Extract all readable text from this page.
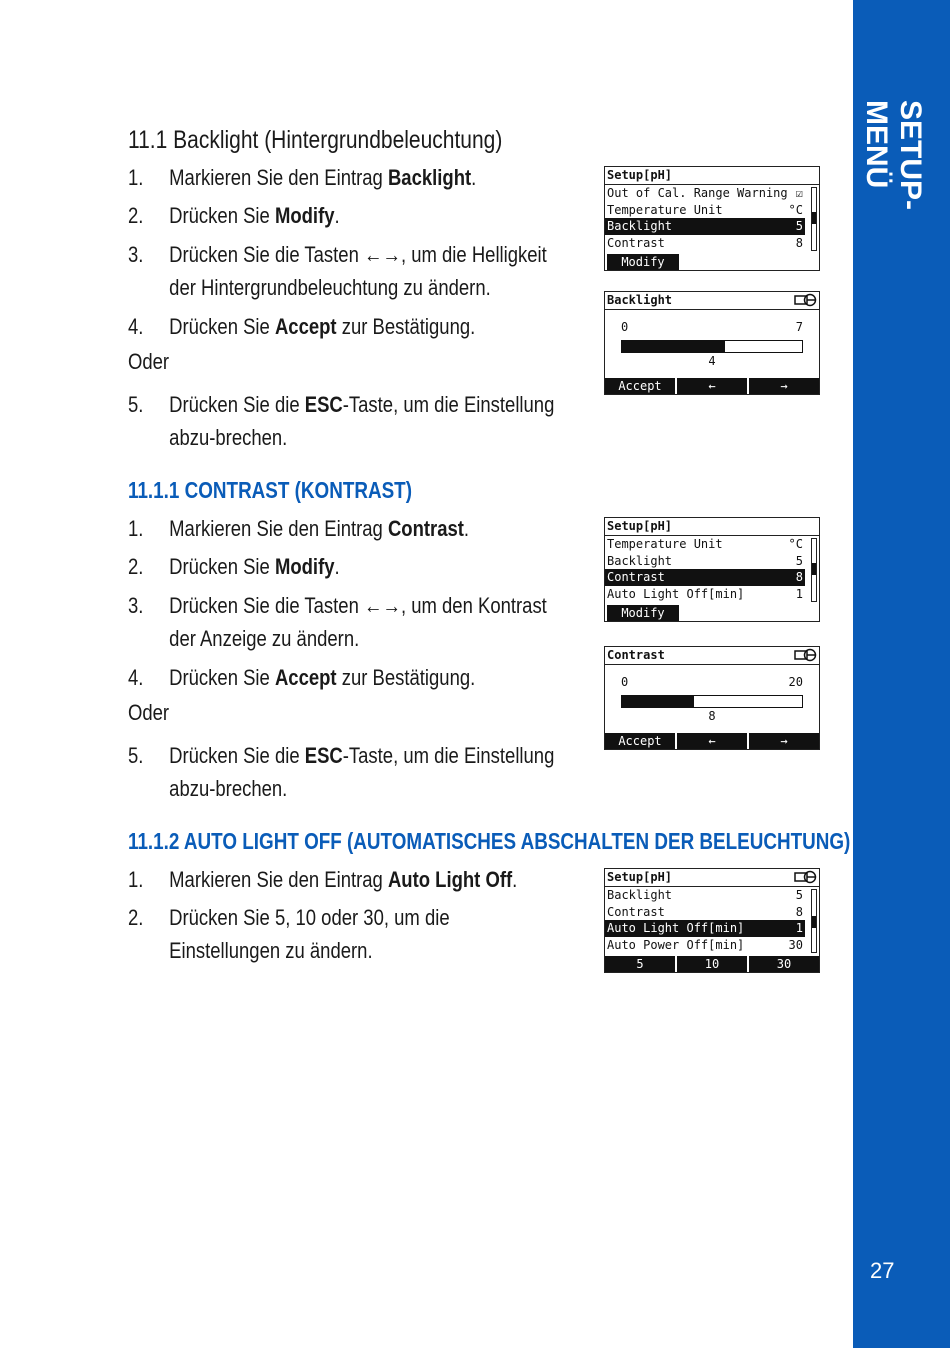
SETUP-MENÜ
27
11.1 Backlight (Hintergrundbeleuchtung)
1. Markieren Sie den Eintrag Backlight.
2. Drücken Sie Modify.
3. Drücken Sie die Tasten ←→, um die Helligkeit der Hintergrundbeleuchtung zu ändern.
4. Drücken Sie Accept zur Bestätigung.
5. Drücken Sie die ESC-Taste, um die Einstellung abzu-brechen.
Oder
11.1.1 CONTRAST (KONTRAST)
1. Markieren Sie den Eintrag Contrast.
2. Drücken Sie Modify.
3. Drücken Sie die Tasten ←→, um den Kontrast der Anzeige zu ändern.
4. Drücken Sie Accept zur Bestätigung.
5. Drücken Sie die ESC-Taste, um die Einstellung abzu-brechen.
Oder
11.1.2 AUTO LIGHT OFF (AUTOMATISCHES ABSCHALTEN DER BELEUCHTUNG)
1. Markieren Sie den Eintrag Auto Light Off.
2. Drücken Sie 5, 10 oder 30, um die Einstellungen zu ändern.
Setup[pH]
Out of Cal. Range Warning ☑
Temperature Unit	°C
Backlight	5
Contrast	8
Modify
Backlight
0	7
4
Accept	←	→
Setup[pH]
Temperature Unit	°C
Backlight	5
Contrast	8
Auto Light Off[min]	1
Modify
Contrast
0	20
8
Accept	←	→
Setup[pH]
Backlight	5
Contrast	8
Auto Light Off[min]	1
Auto Power Off[min]	30
5	10	30
